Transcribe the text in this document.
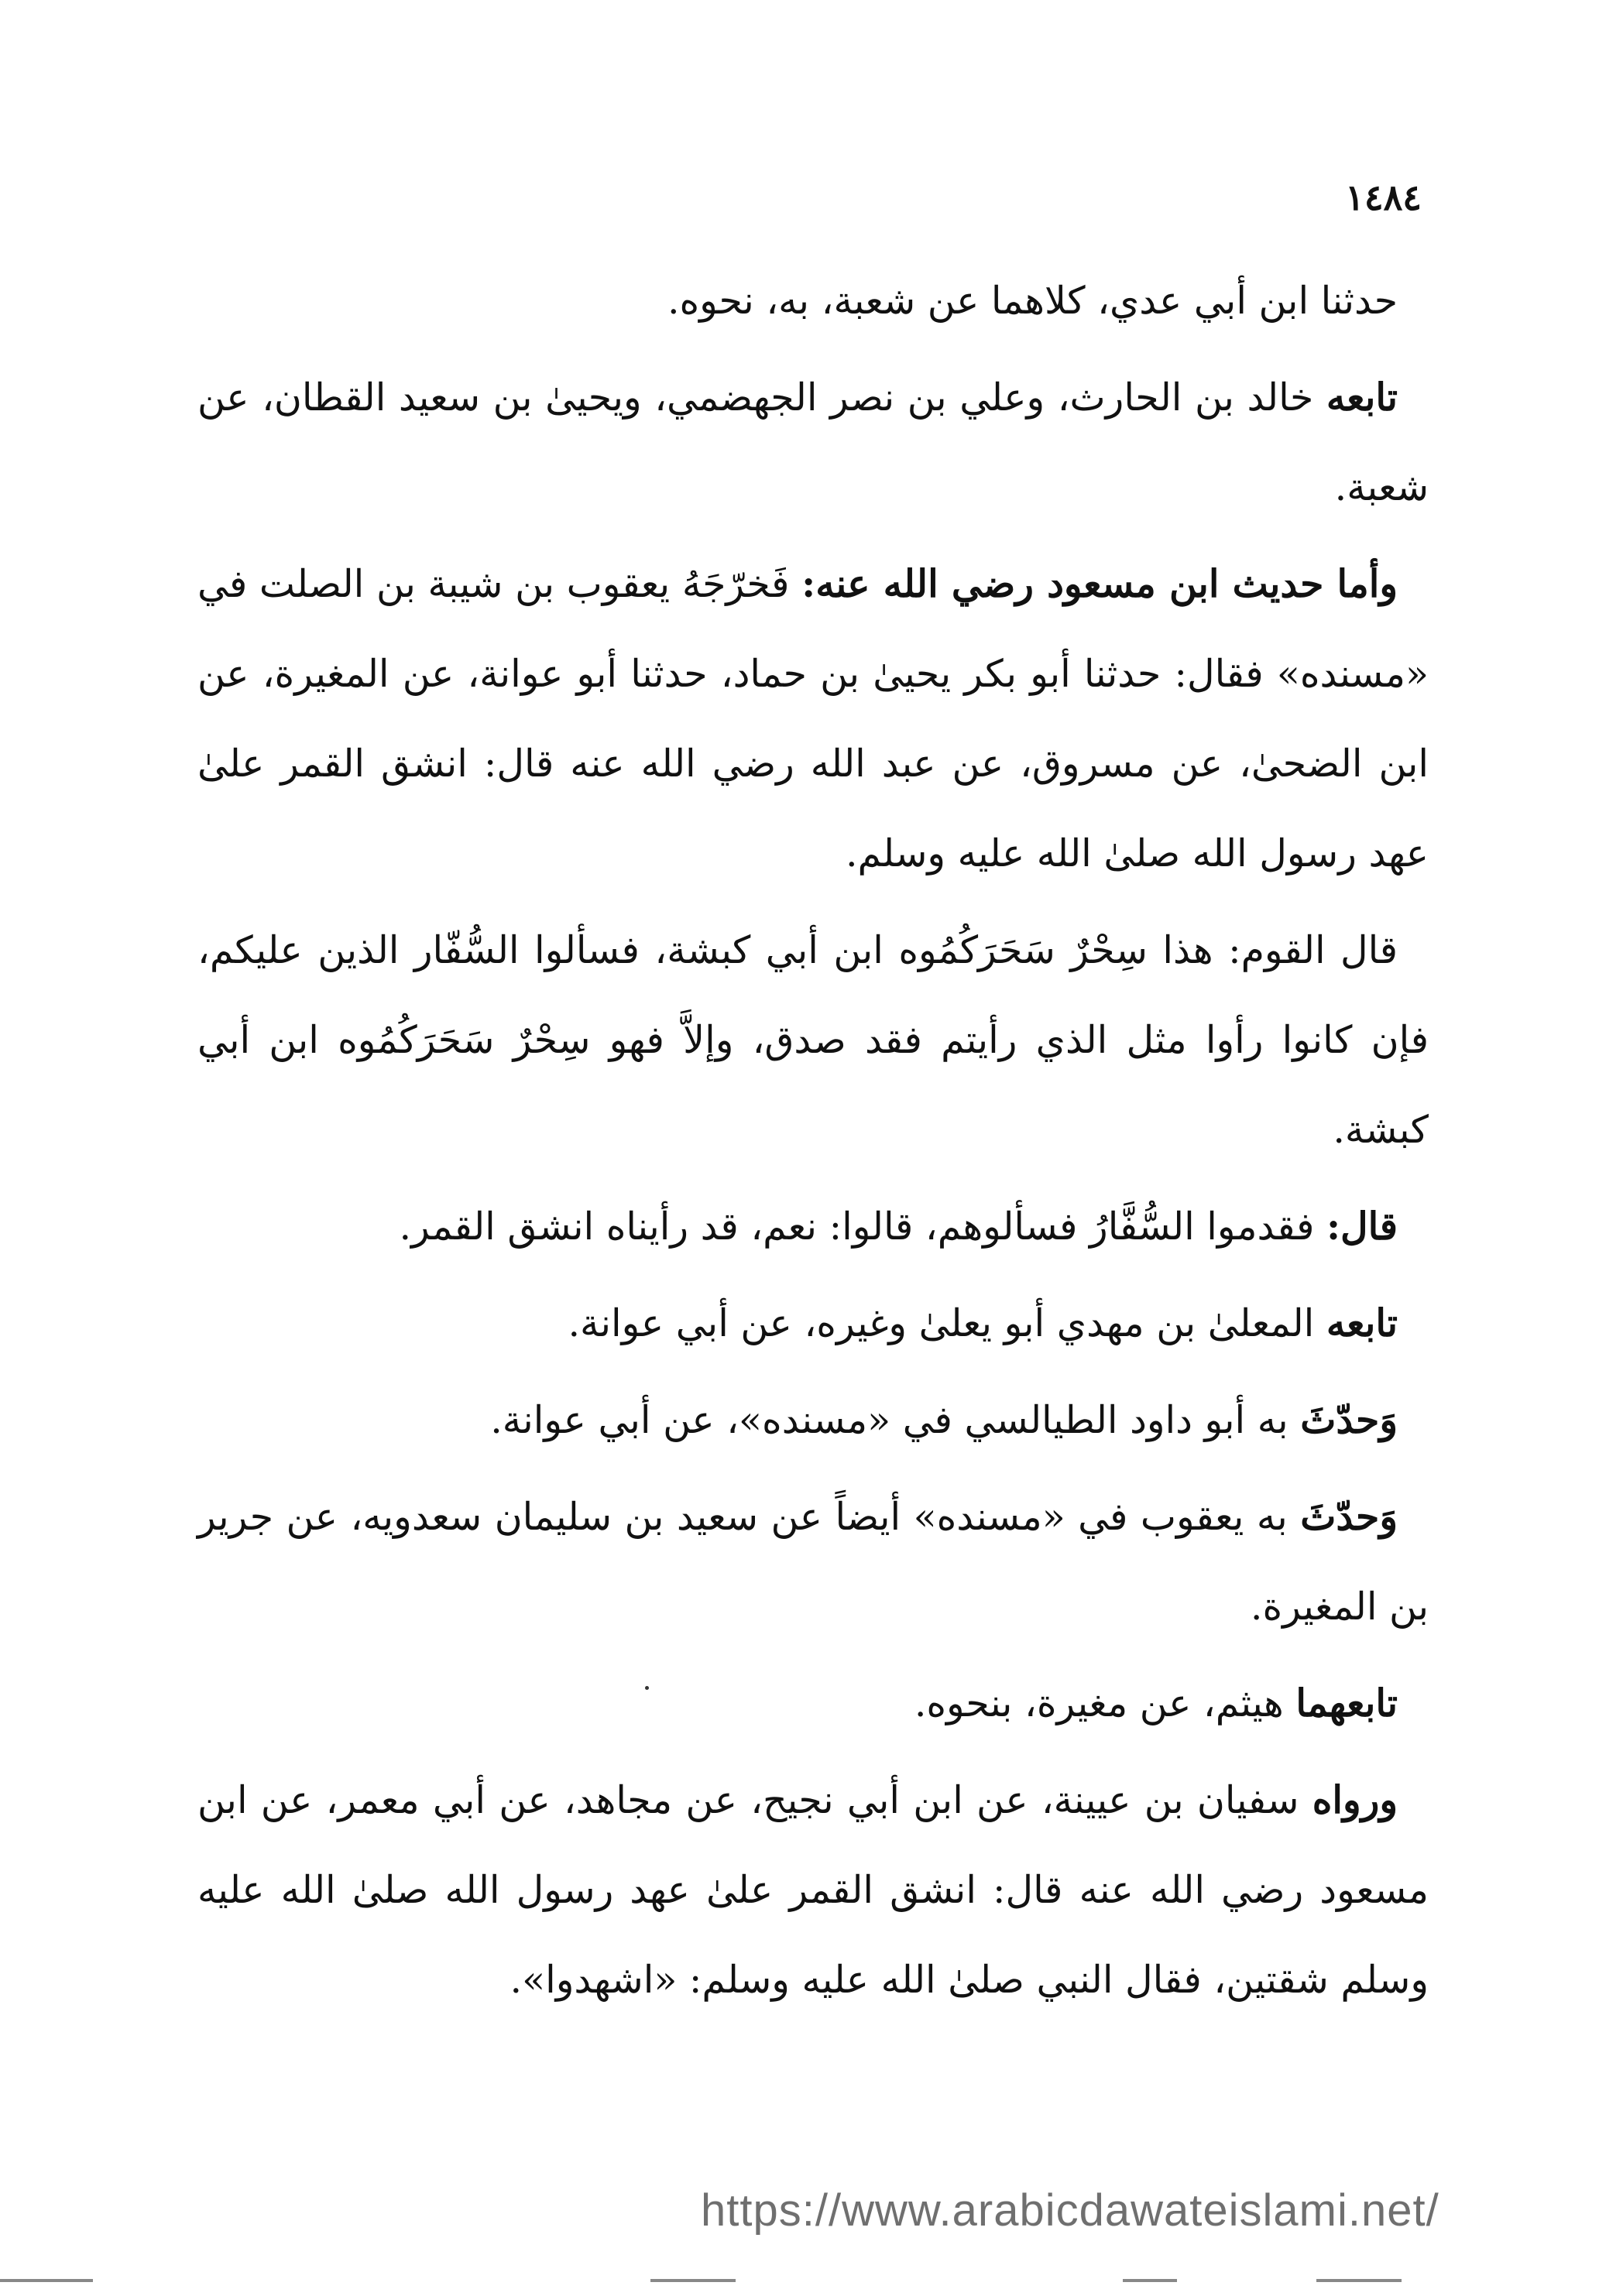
١٤٨٤

حدثنا ابن أبي عدي، كلاهما عن شعبة، به، نحوه.

تابعه خالد بن الحارث، وعلي بن نصر الجهضمي، ويحيىٰ بن سعيد القطان، عن شعبة.

وأما حديث ابن مسعود رضي الله عنه: فَخرّجَهُ يعقوب بن شيبة بن الصلت في «مسنده» فقال: حدثنا أبو بكر يحيىٰ بن حماد، حدثنا أبو عوانة، عن المغيرة، عن ابن الضحىٰ، عن مسروق، عن عبد الله رضي الله عنه قال: انشق القمر علىٰ عهد رسول الله صلىٰ الله عليه وسلم.

قال القوم: هذا سِحْرٌ سَحَرَكُمُوه ابن أبي كبشة، فسألوا السُّفّار الذين عليكم، فإن كانوا رأوا مثل الذي رأيتم فقد صدق، وإلاَّ فهو سِحْرٌ سَحَرَكُمُوه ابن أبي كبشة.

قال: فقدموا السُّفَّارُ فسألوهم، قالوا: نعم، قد رأيناه انشق القمر.

تابعه المعلىٰ بن مهدي أبو يعلىٰ وغيره، عن أبي عوانة.

وَحدّثَ به أبو داود الطيالسي في «مسنده»، عن أبي عوانة.

وَحدّثَ به يعقوب في «مسنده» أيضاً عن سعيد بن سليمان سعدويه، عن جرير بن المغيرة.

تابعهما هيثم، عن مغيرة، بنحوه.

ورواه سفيان بن عيينة، عن ابن أبي نجيح، عن مجاهد، عن أبي معمر، عن ابن مسعود رضي الله عنه قال: انشق القمر علىٰ عهد رسول الله صلىٰ الله عليه وسلم شقتين، فقال النبي صلىٰ الله عليه وسلم: «اشهدوا».

https://www.arabicdawateislami.net/
